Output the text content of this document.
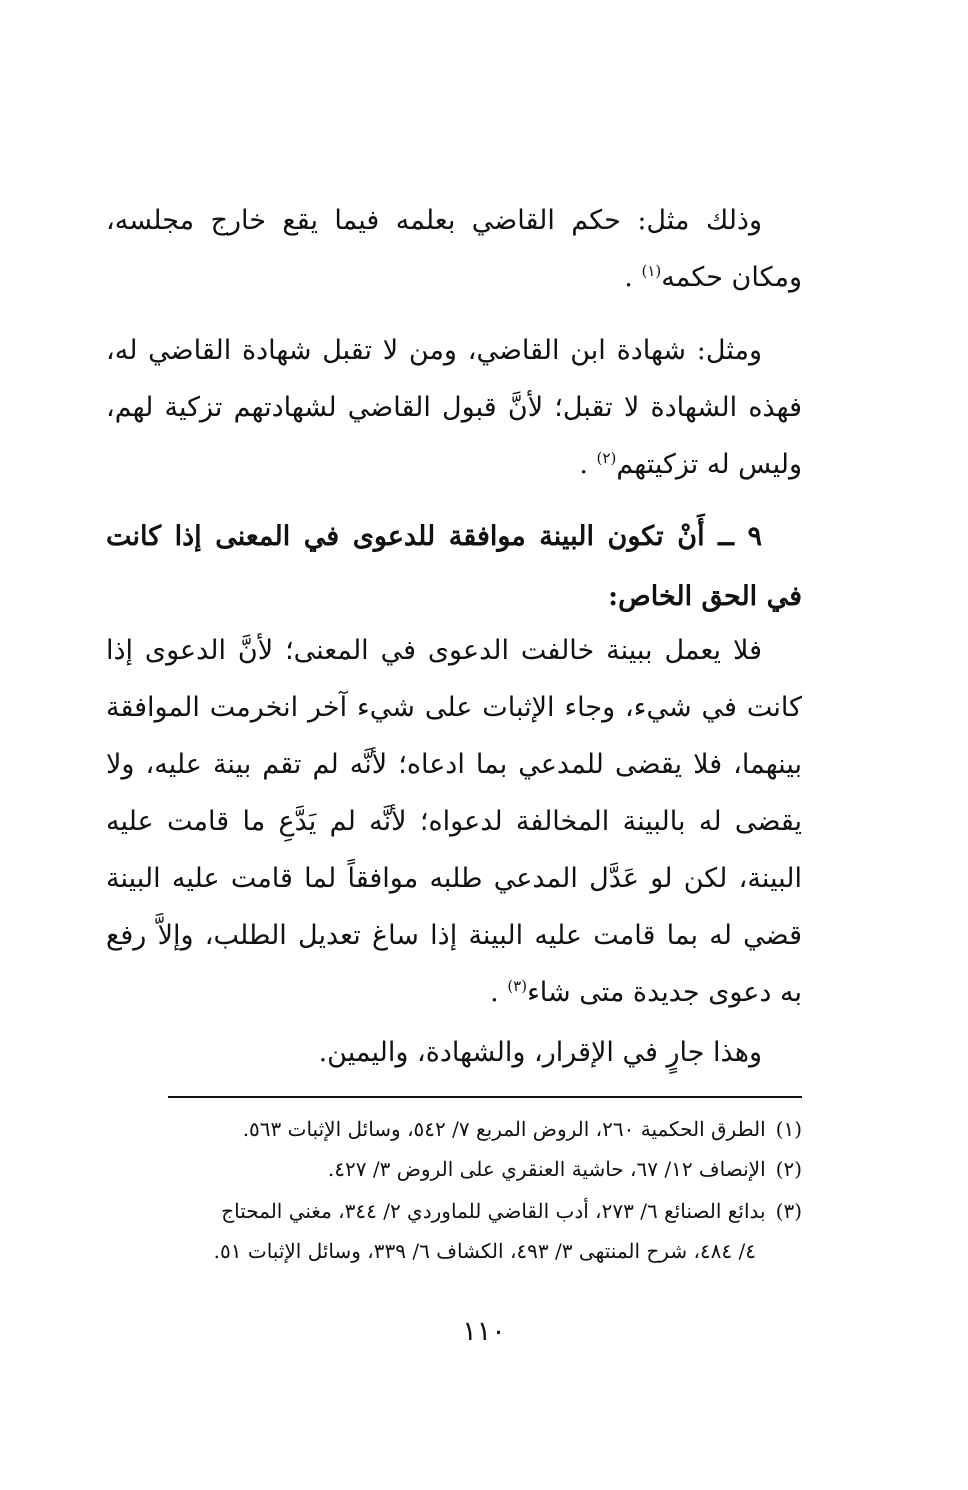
وذلك مثل: حكم القاضي بعلمه فيما يقع خارج مجلسه، ومكان حكمه$^{(١)}$ .

ومثل: شهادة ابن القاضي، ومن لا تقبل شهادة القاضي له، فهذه الشهادة لا تقبل؛ لأنَّ قبول القاضي لشهادتهم تزكية لهم، وليس له تزكيتهم$^{(٢)}$ .

٩ ــ أَنْ تكون البينة موافقة للدعوى في المعنى إذا كانت في الحق الخاص:

فلا يعمل ببينة خالفت الدعوى في المعنى؛ لأنَّ الدعوى إذا كانت في شيء، وجاء الإثبات على شيء آخر انخرمت الموافقة بينهما، فلا يقضى للمدعي بما ادعاه؛ لأنَّه لم تقم بينة عليه، ولا يقضى له بالبينة المخالفة لدعواه؛ لأنَّه لم يَدَّعِ ما قامت عليه البينة، لكن لو عَدَّل المدعي طلبه موافقاً لما قامت عليه البينة قضي له بما قامت عليه البينة إذا ساغ تعديل الطلب، وإلاَّ رفع به دعوى جديدة متى شاء$^{(٣)}$ .

وهذا جارٍ في الإقرار، والشهادة، واليمين.

(١)الطرق الحكمية ٢٦٠، الروض المربع ٧/ ٥٤٢، وسائل الإثبات ٥٦٣.
(٢)الإنصاف ١٢/ ٦٧، حاشية العنقري على الروض ٣/ ٤٢٧.
(٣)بدائع الصنائع ٦/ ٢٧٣، أدب القاضي للماوردي ٢/ ٣٤٤، مغني المحتاج
٤/ ٤٨٤، شرح المنتهى ٣/ ٤٩٣، الكشاف ٦/ ٣٣٩، وسائل الإثبات ٥١.
١١٠
